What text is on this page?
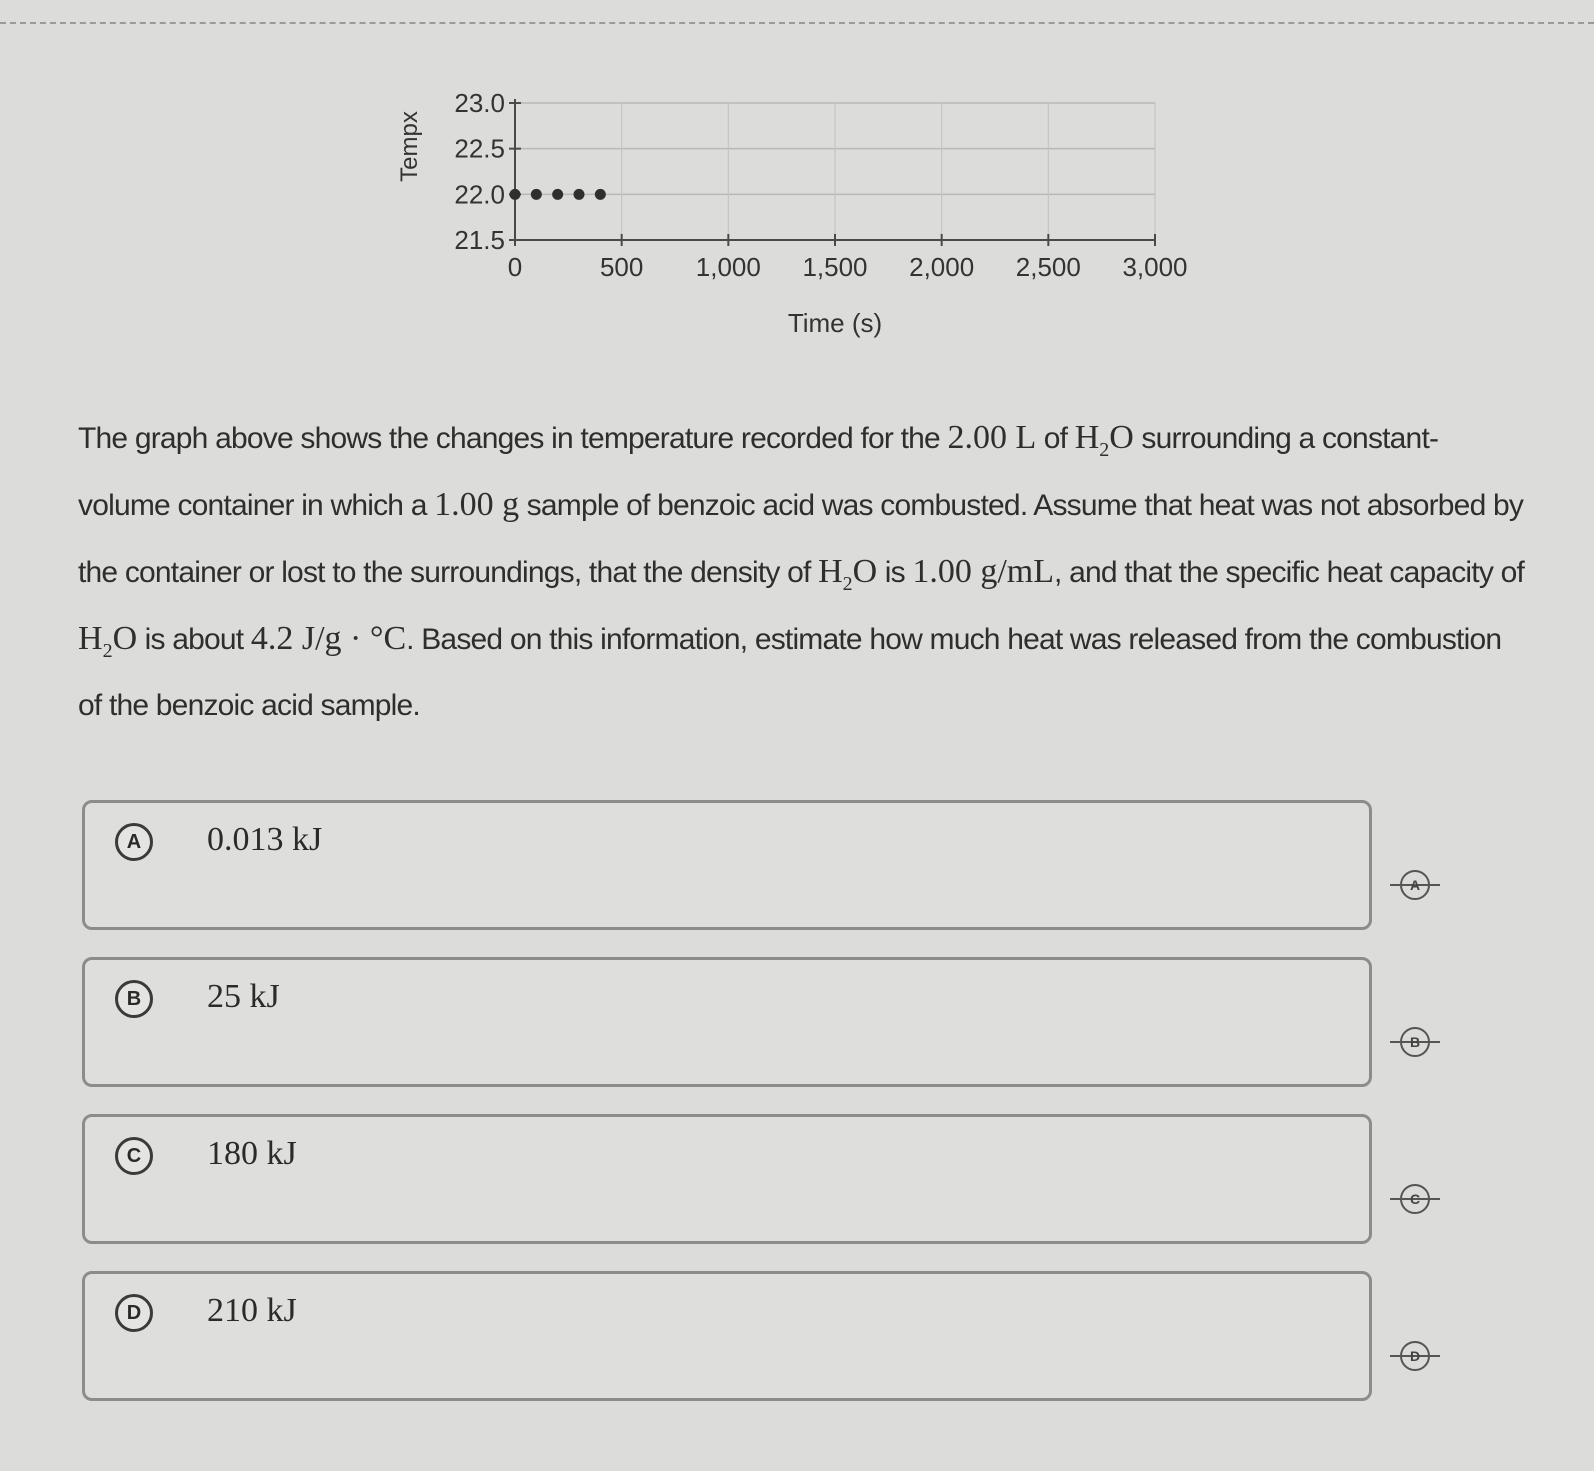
23.0
22.5
22.0
21.5
0	500 1,000 1,500 2,000 2,500 3,000
Tempx
Time (s)
The graph above shows the changes in temperature recorded for the 2.00 L of $H_2O$ surrounding a constant-volume container in which a 1.00 g sample of benzoic acid was combusted. Assume that heat was not absorbed by the container or lost to the surroundings, that the density of $H_2O$ is 1.00 g/mL, and that the specific heat capacity of $H_2O$ is about 4.2 J/g · °C. Based on this information, estimate how much heat was released from the combustion of the benzoic acid sample.
A	0.013 kJ
A
B	25 kJ
B
C	180 kJ
C
D	210 kJ
D
